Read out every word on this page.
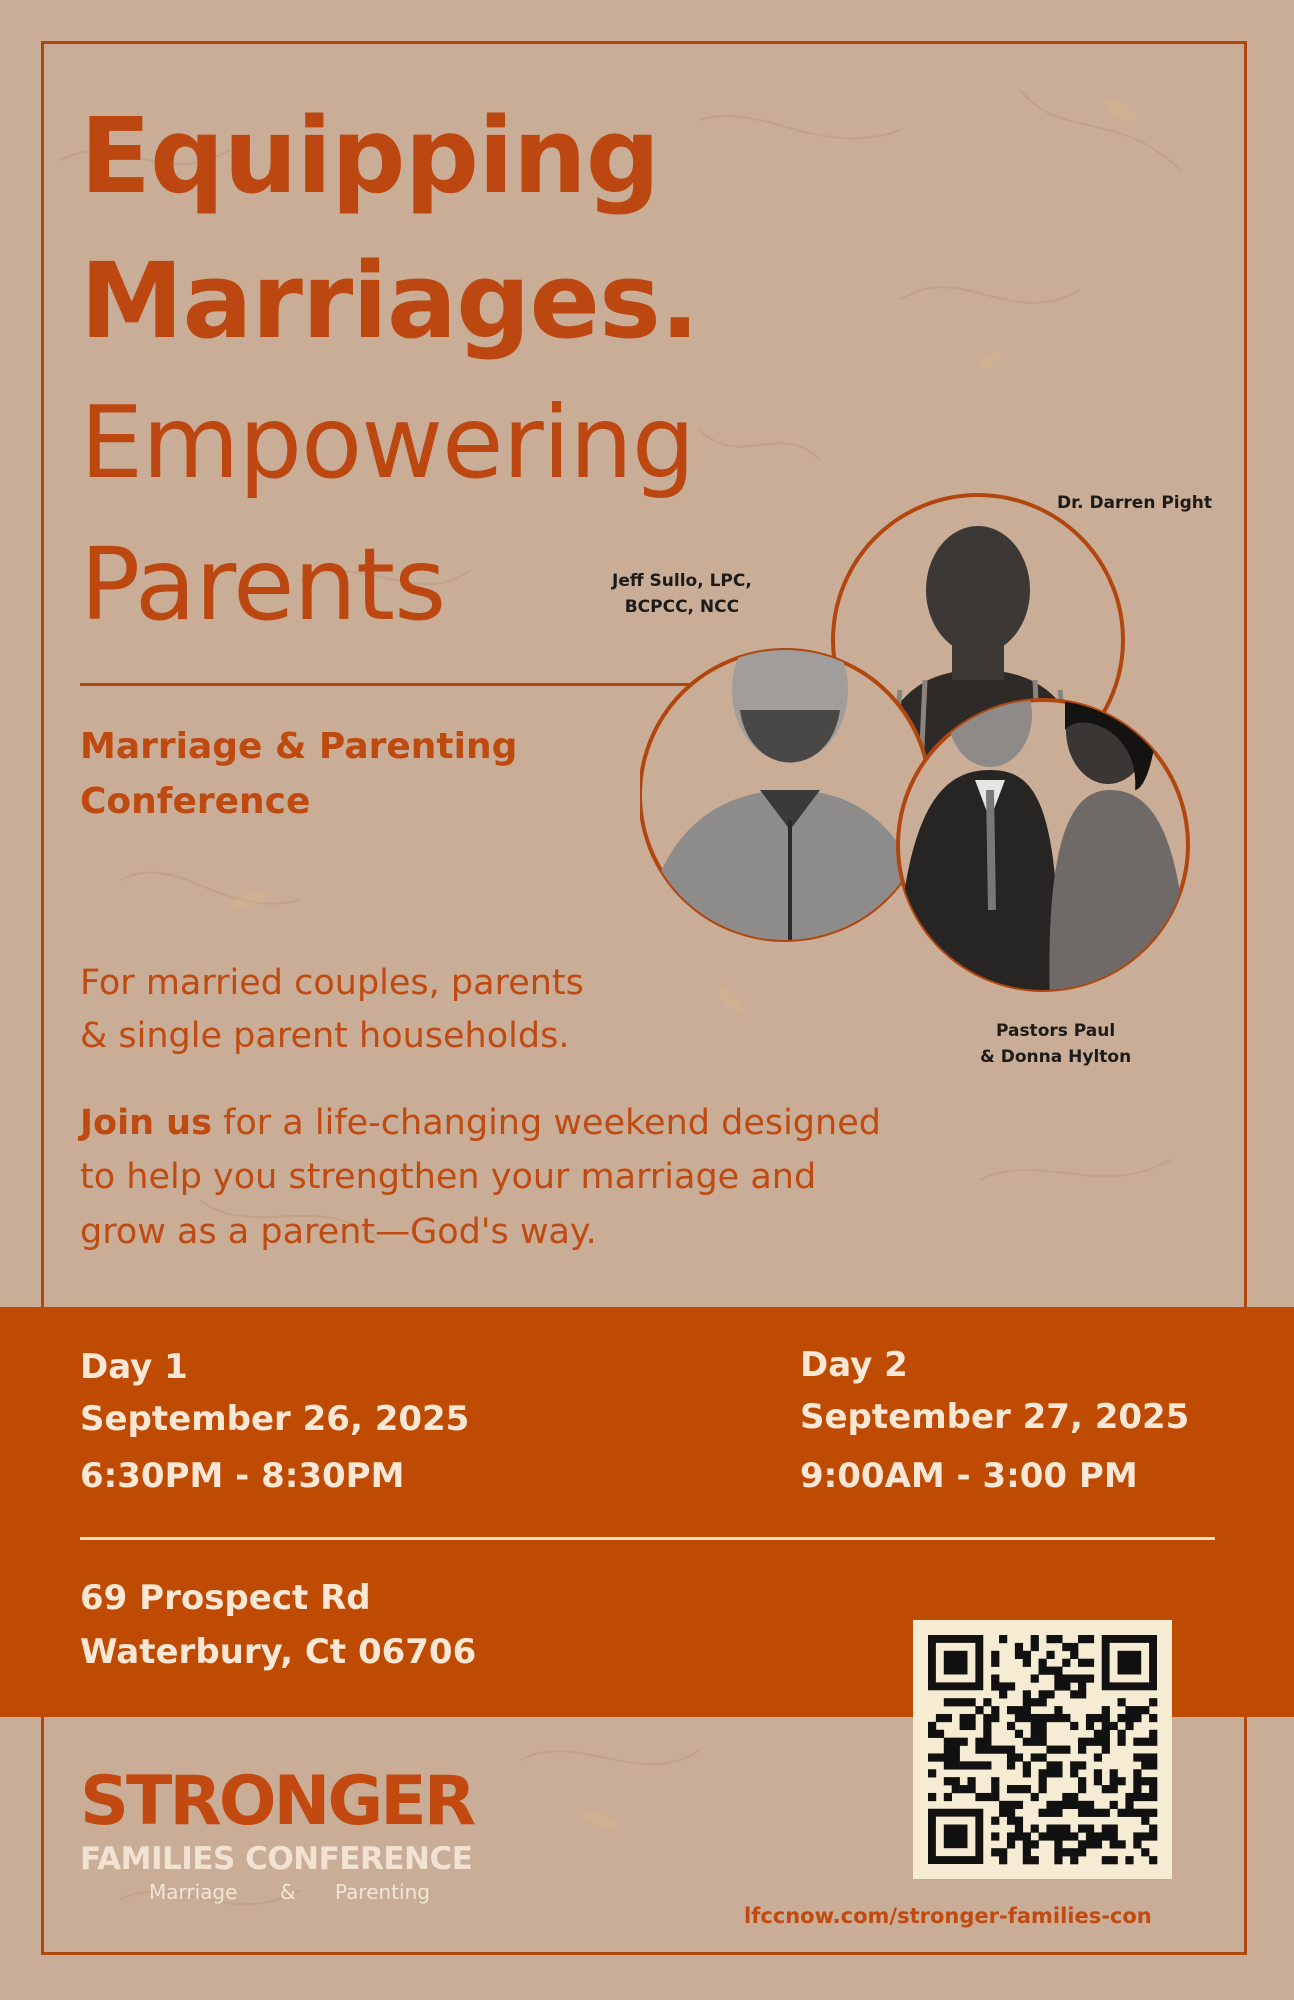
Equipping
Marriages.
Empowering
Parents
Marriage & Parenting
Conference
Jeff Sullo, LPC,
BCPCC, NCC
Dr. Darren Pight
Pastors Paul
& Donna Hylton
For married couples, parents
& single parent households.
Join us for a life-changing weekend designed
to help you strengthen your marriage and
grow as a parent—God's way.
Day 1
September 26, 2025
6:30PM - 8:30PM
Day 2
September 27, 2025
9:00AM - 3:00 PM
69 Prospect Rd
Waterbury, Ct 06706
STRONGER
FAMILIES CONFERENCE
Marriage & Parenting
lfccnow.com/stronger-families-con
